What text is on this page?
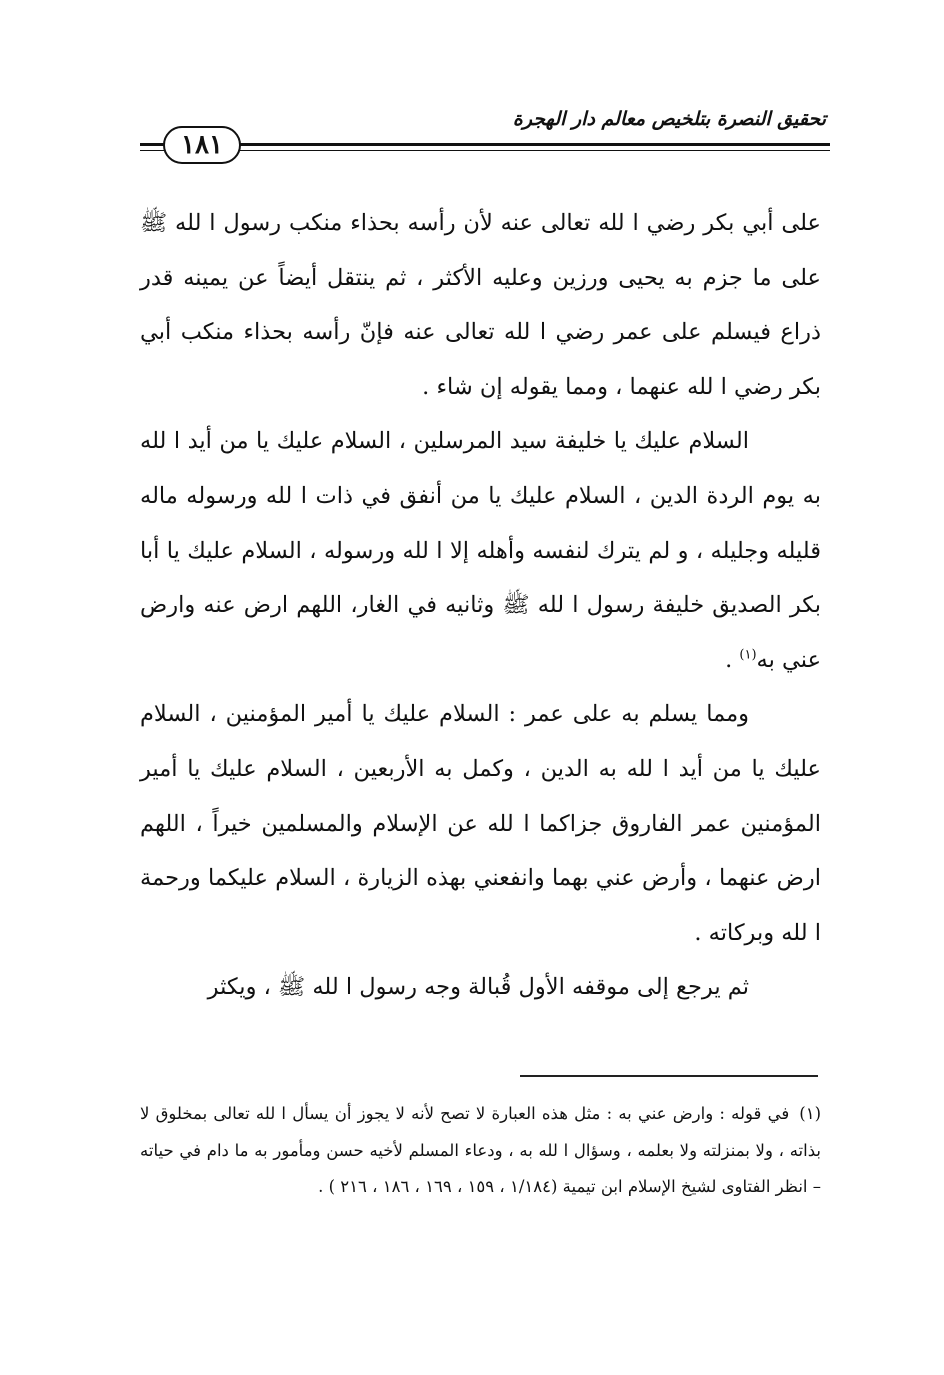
تحقيق النصرة بتلخيص معالم دار الهجرة
١٨١

على أبي بكر رضي ا لله تعالى عنه لأن رأسه بحذاء منكب رسول ا لله ﷺ على ما جزم به يحيى ورزين وعليه الأكثر ، ثم ينتقل أيضاً عن يمينه قدر ذراع فيسلم على عمر رضي ا لله تعالى عنه فإنّ رأسه بحذاء منكب أبي بكر رضي ا لله عنهما ، ومما يقوله إن شاء .

السلام عليك يا خليفة سيد المرسلين ، السلام عليك يا من أيد ا لله به يوم الردة الدين ، السلام عليك يا من أنفق في ذات ا لله ورسوله ماله قليله وجليله ، و لم يترك لنفسه وأهله إلا ا لله ورسوله ، السلام عليك يا أبا بكر الصديق خليفة رسول ا لله ﷺ وثانيه في الغار، اللهم ارض عنه وارض عني به$^{(١)}$ .

ومما يسلم به على عمر : السلام عليك يا أمير المؤمنين ، السلام عليك يا من أيد ا لله به الدين ، وكمل به الأربعين ، السلام عليك يا أمير المؤمنين عمر الفاروق جزاكما ا لله عن الإسلام والمسلمين خيراً ، اللهم ارض عنهما ، وأرض عني بهما وانفعني بهذه الزيارة ، السلام عليكما ورحمة ا لله وبركاته .

ثم يرجع إلى موقفه الأول قُبالة وجه رسول ا لله ﷺ ، ويكثر

(١)في قوله : وارض عني به : مثل هذه العبارة لا تصح لأنه لا يجوز أن يسأل ا لله تعالى بمخلوق لا بذاته ، ولا بمنزلته ولا بعلمه ، وسؤال ا لله به ، ودعاء المسلم لأخيه حسن ومأمور به ما دام في حياته – انظر الفتاوى لشيخ الإسلام ابن تيمية (١/١٨٤ ، ١٥٩ ، ١٦٩ ، ١٨٦ ، ٢١٦ ) .
